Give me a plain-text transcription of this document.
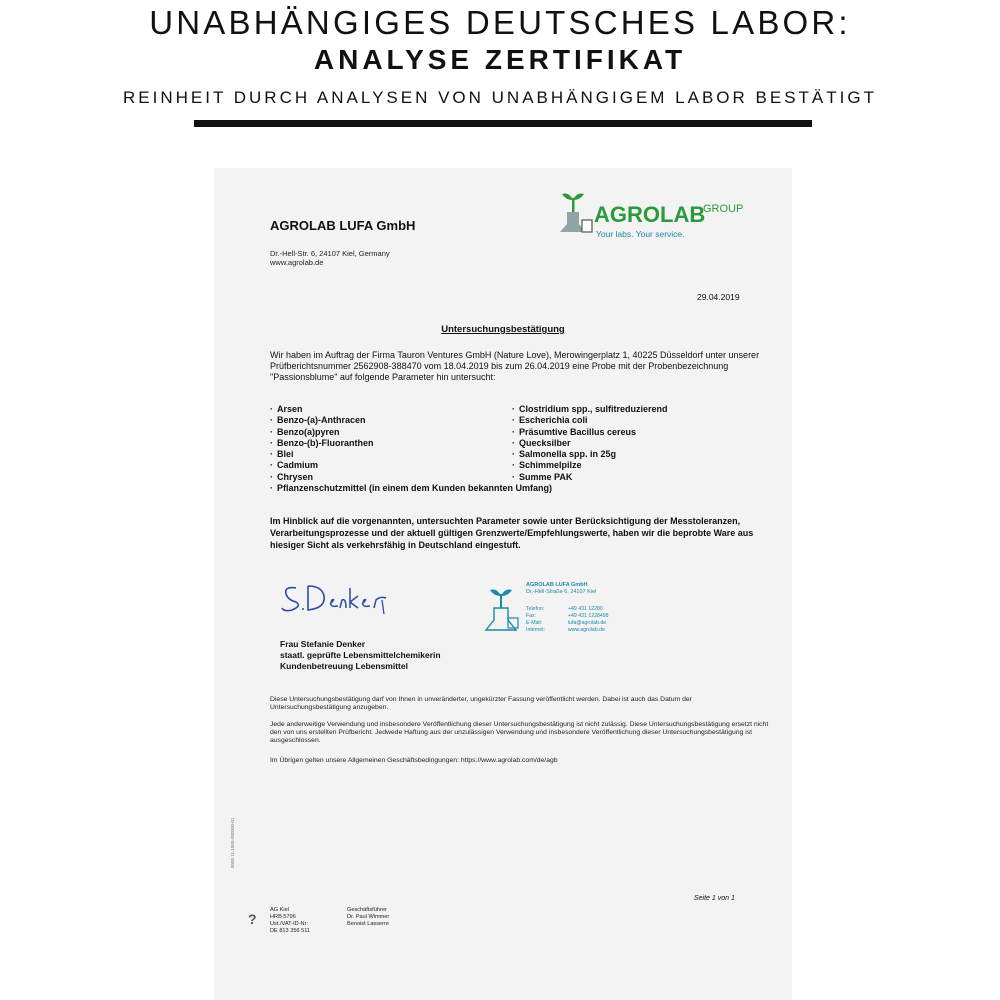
UNABHÄNGIGES DEUTSCHES LABOR:
ANALYSE ZERTIFIKAT
REINHEIT DURCH ANALYSEN VON UNABHÄNGIGEM LABOR BESTÄTIGT
AGROLAB LUFA GmbH
Dr.-Hell-Str. 6, 24107 Kiel, Germany
www.agrolab.de
AGROLAB
GROUP
Your labs. Your service.
29.04.2019
Untersuchungsbestätigung
Wir haben im Auftrag der Firma Tauron Ventures GmbH (Nature Love), Merowingerplatz 1, 40225 Düsseldorf unter unserer Prüfberichtsnummer 2562908-388470 vom 18.04.2019 bis zum 26.04.2019 eine Probe mit der Probenbezeichnung "Passionsblume" auf folgende Parameter hin untersucht:
· Arsen
· Benzo-(a)-Anthracen
· Benzo(a)pyren
· Benzo-(b)-Fluoranthen
· Blei
· Cadmium
· Chrysen
· Pflanzenschutzmittel (in einem dem Kunden bekannten Umfang)
· Clostridium spp., sulfitreduzierend
· Escherichia coli
· Präsumtive Bacillus cereus
· Quecksilber
· Salmonella spp. in 25g
· Schimmelpilze
· Summe PAK
Im Hinblick auf die vorgenannten, untersuchten Parameter sowie unter Berücksichtigung der Messtoleranzen, Verarbeitungsprozesse und der aktuell gültigen Grenzwerte/Empfehlungswerte, haben wir die beprobte Ware aus hiesiger Sicht als verkehrsfähig in Deutschland eingestuft.
Frau Stefanie Denker
staatl. geprüfte Lebensmittelchemikerin
Kundenbetreuung Lebensmittel
AGROLAB LUFA GmbH
Dr.-Hell-Straße 6, 24107 Kiel
Telefon:	+49 431 12280
Fax:	+49 431 1228498
E-Mail:	lufa@agrolab.de
Internet:	www.agrolab.de
Diese Untersuchungsbestätigung darf von Ihnen in unveränderter, ungekürzter Fassung veröffentlicht werden. Dabei ist auch das Datum der Untersuchungsbestätigung anzugeben.
Jede anderweitige Verwendung und insbesondere Veröffentlichung dieser Untersuchungsbestätigung ist nicht zulässig. Diese Untersuchungsbestätigung ersetzt nicht den von uns erstellten Prüfbericht. Jedwede Haftung aus der unzulässigen Verwendung und insbesondere Veröffentlichung dieser Untersuchungsbestätigung ist ausgeschlossen.
Im Übrigen gelten unsere Allgemeinen Geschäftsbedingungen: https://www.agrolab.com/de/agb
Seite 1 von 1
0000 11-1000-000000-01
?
AG Kiel
HRB 5796
Ust./VAT-ID-Nr:
DE 813 356 511
Geschäftsführer
Dr. Paul Wimmer
Benoist Lasserre
